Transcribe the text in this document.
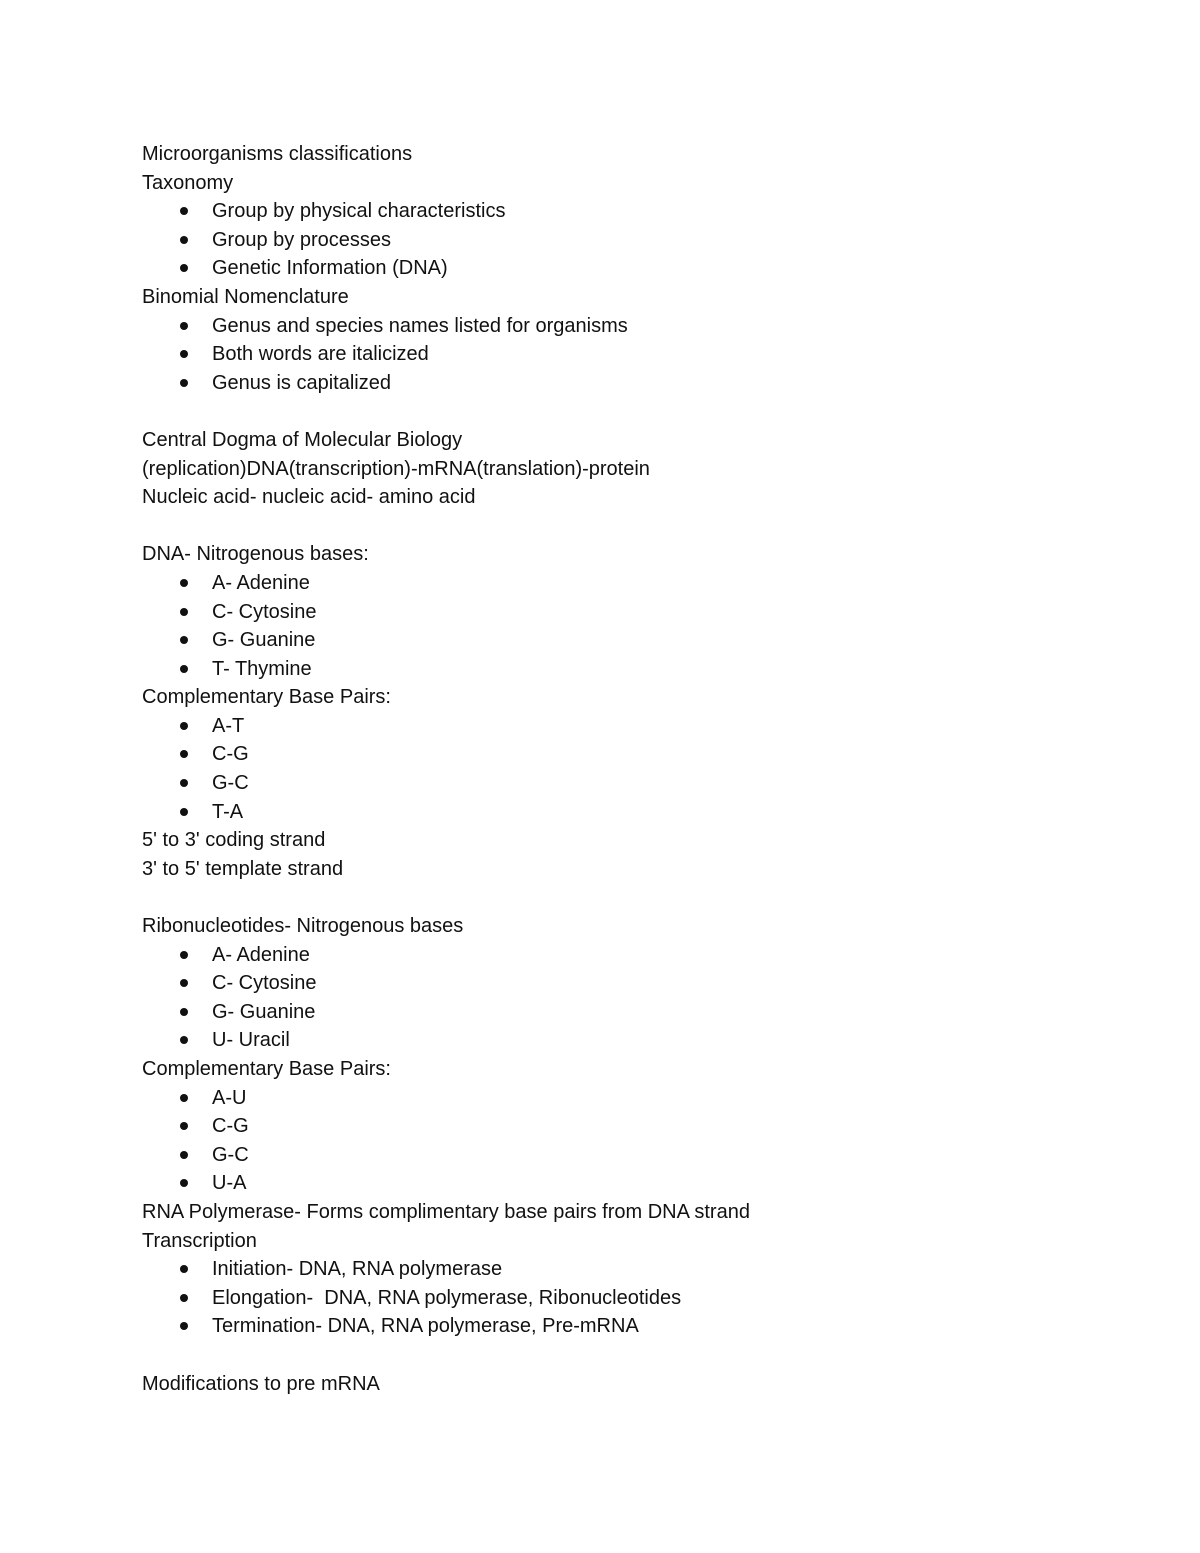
Microorganisms classifications
Taxonomy
Group by physical characteristics
Group by processes
Genetic Information (DNA)
Binomial Nomenclature
Genus and species names listed for organisms
Both words are italicized
Genus is capitalized
Central Dogma of Molecular Biology
(replication)DNA(transcription)-mRNA(translation)-protein
Nucleic acid- nucleic acid- amino acid
DNA- Nitrogenous bases:
A- Adenine
C- Cytosine
G- Guanine
T- Thymine
Complementary Base Pairs:
A-T
C-G
G-C
T-A
5' to 3' coding strand
3' to 5' template strand
Ribonucleotides- Nitrogenous bases
A- Adenine
C- Cytosine
G- Guanine
U- Uracil
Complementary Base Pairs:
A-U
C-G
G-C
U-A
RNA Polymerase- Forms complimentary base pairs from DNA strand
Transcription
Initiation- DNA, RNA polymerase
Elongation-  DNA, RNA polymerase, Ribonucleotides
Termination- DNA, RNA polymerase, Pre-mRNA
Modifications to pre mRNA
